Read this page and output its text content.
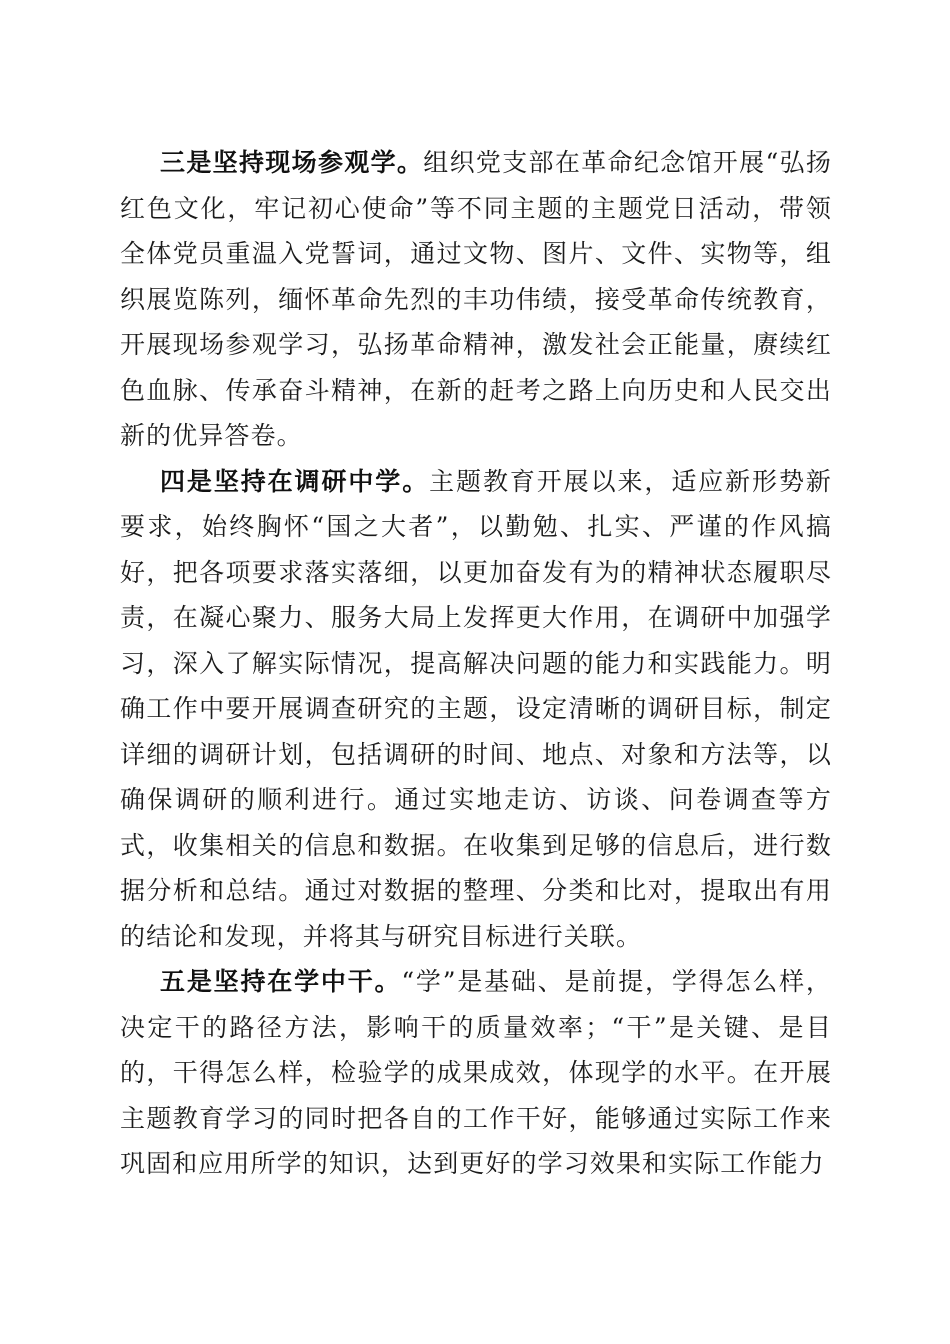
三是坚持现场参观学。组织党支部在革命纪念馆开展“弘扬红色文化，牢记初心使命”等不同主题的主题党日活动，带领全体党员重温入党誓词，通过文物、图片、文件、实物等，组织展览陈列，缅怀革命先烈的丰功伟绩，接受革命传统教育，开展现场参观学习，弘扬革命精神，激发社会正能量，赓续红色血脉、传承奋斗精神，在新的赶考之路上向历史和人民交出新的优异答卷。

四是坚持在调研中学。主题教育开展以来，适应新形势新要求，始终胸怀“国之大者”，以勤勉、扎实、严谨的作风搞好，把各项要求落实落细，以更加奋发有为的精神状态履职尽责，在凝心聚力、服务大局上发挥更大作用，在调研中加强学习，深入了解实际情况，提高解决问题的能力和实践能力。明确工作中要开展调查研究的主题，设定清晰的调研目标，制定详细的调研计划，包括调研的时间、地点、对象和方法等，以确保调研的顺利进行。通过实地走访、访谈、问卷调查等方式，收集相关的信息和数据。在收集到足够的信息后，进行数据分析和总结。通过对数据的整理、分类和比对，提取出有用的结论和发现，并将其与研究目标进行关联。

五是坚持在学中干。“学”是基础、是前提，学得怎么样，决定干的路径方法，影响干的质量效率；“干”是关键、是目的，干得怎么样，检验学的成果成效，体现学的水平。在开展主题教育学习的同时把各自的工作干好，能够通过实际工作来巩固和应用所学的知识，达到更好的学习效果和实际工作能力
